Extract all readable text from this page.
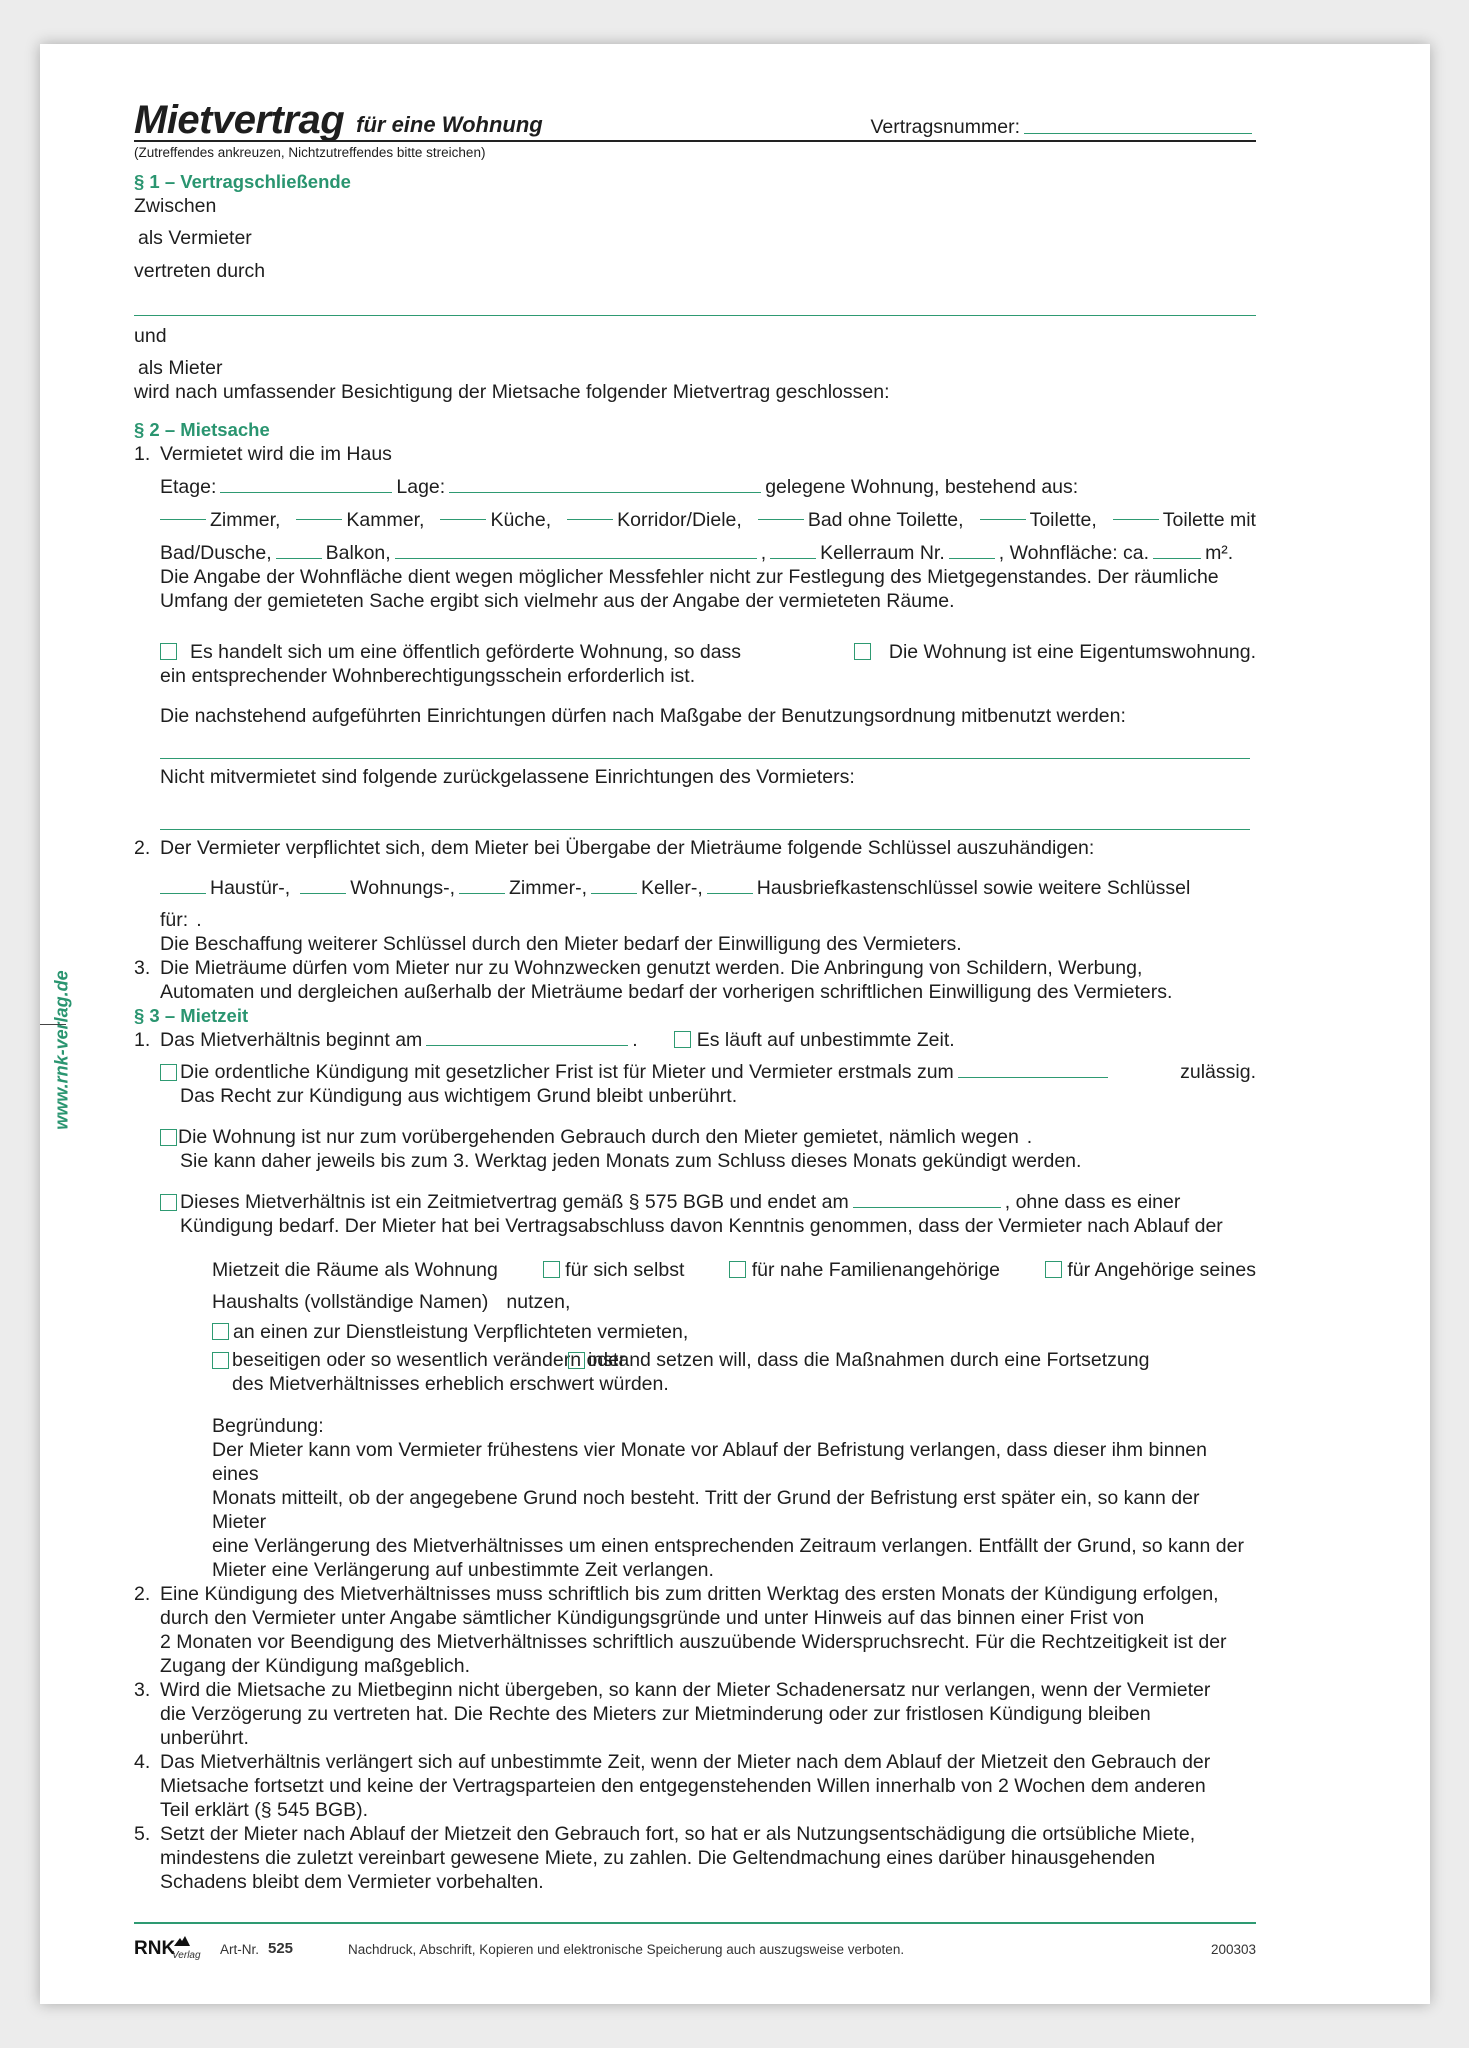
www.rnk-verlag.de
Mietvertrag für eine Wohnung	Vertragsnummer:
(Zutreffendes ankreuzen, Nichtzutreffendes bitte streichen)
§ 1 – Vertragschließende
Zwischen
als Vermieter
vertreten durch
und
als Mieter
wird nach umfassender Besichtigung der Mietsache folgender Mietvertrag geschlossen:
§ 2 – Mietsache
1. Vermietet wird die im Haus
Etage:	Lage:	gelegene Wohnung, bestehend aus:
Zimmer,	Kammer,	Küche,	Korridor/Diele,	Bad ohne Toilette,	Toilette,	Toilette mit
Bad/Dusche,	Balkon,	,	Kellerraum Nr.	, Wohnfläche: ca.	m².
Die Angabe der Wohnfläche dient wegen möglicher Messfehler nicht zur Festlegung des Mietgegenstandes. Der räumliche Umfang der gemieteten Sache ergibt sich vielmehr aus der Angabe der vermieteten Räume.
Es handelt sich um eine öffentlich geförderte Wohnung, so dass
ein entsprechender Wohnberechtigungsschein erforderlich ist.
Die Wohnung ist eine Eigentumswohnung.
Die nachstehend aufgeführten Einrichtungen dürfen nach Maßgabe der Benutzungsordnung mitbenutzt werden:
Nicht mitvermietet sind folgende zurückgelassene Einrichtungen des Vormieters:
2. Der Vermieter verpflichtet sich, dem Mieter bei Übergabe der Mieträume folgende Schlüssel auszuhändigen:
Haustür-,	Wohnungs-,	Zimmer-,	Keller-,	Hausbriefkastenschlüssel sowie weitere Schlüssel
für: .
Die Beschaffung weiterer Schlüssel durch den Mieter bedarf der Einwilligung des Vermieters.
3. Die Mieträume dürfen vom Mieter nur zu Wohnzwecken genutzt werden. Die Anbringung von Schildern, Werbung,
Automaten und dergleichen außerhalb der Mieträume bedarf der vorherigen schriftlichen Einwilligung des Vermieters.
§ 3 – Mietzeit
1. Das Mietverhältnis beginnt am	.	Es läuft auf unbestimmte Zeit.
Die ordentliche Kündigung mit gesetzlicher Frist ist für Mieter und Vermieter erstmals zum	zulässig.
Das Recht zur Kündigung aus wichtigem Grund bleibt unberührt.
Die Wohnung ist nur zum vorübergehenden Gebrauch durch den Mieter gemietet, nämlich wegen .
Sie kann daher jeweils bis zum 3. Werktag jeden Monats zum Schluss dieses Monats gekündigt werden.
Dieses Mietverhältnis ist ein Zeitmietvertrag gemäß § 575 BGB und endet am	, ohne dass es einer
Kündigung bedarf. Der Mieter hat bei Vertragsabschluss davon Kenntnis genommen, dass der Vermieter nach Ablauf der
Mietzeit die Räume als Wohnung	für sich selbst	für nahe Familienangehörige	für Angehörige seines
Haushalts (vollständige Namen) nutzen,
an einen zur Dienstleistung Verpflichteten vermieten,
beseitigen oder so wesentlich verändern oder
instand setzen will, dass die Maßnahmen durch eine Fortsetzung
des Mietverhältnisses erheblich erschwert würden.
Begründung:
Der Mieter kann vom Vermieter frühestens vier Monate vor Ablauf der Befristung verlangen, dass dieser ihm binnen eines
Monats mitteilt, ob der angegebene Grund noch besteht. Tritt der Grund der Befristung erst später ein, so kann der Mieter
eine Verlängerung des Mietverhältnisses um einen entsprechenden Zeitraum verlangen. Entfällt der Grund, so kann der
Mieter eine Verlängerung auf unbestimmte Zeit verlangen.
2. Eine Kündigung des Mietverhältnisses muss schriftlich bis zum dritten Werktag des ersten Monats der Kündigung erfolgen,
durch den Vermieter unter Angabe sämtlicher Kündigungsgründe und unter Hinweis auf das binnen einer Frist von
2 Monaten vor Beendigung des Mietverhältnisses schriftlich auszuübende Widerspruchsrecht. Für die Rechtzeitigkeit ist der
Zugang der Kündigung maßgeblich.
3. Wird die Mietsache zu Mietbeginn nicht übergeben, so kann der Mieter Schadenersatz nur verlangen, wenn der Vermieter
die Verzögerung zu vertreten hat. Die Rechte des Mieters zur Mietminderung oder zur fristlosen Kündigung bleiben
unberührt.
4. Das Mietverhältnis verlängert sich auf unbestimmte Zeit, wenn der Mieter nach dem Ablauf der Mietzeit den Gebrauch der
Mietsache fortsetzt und keine der Vertragsparteien den entgegenstehenden Willen innerhalb von 2 Wochen dem anderen
Teil erklärt (§ 545 BGB).
5. Setzt der Mieter nach Ablauf der Mietzeit den Gebrauch fort, so hat er als Nutzungsentschädigung die ortsübliche Miete,
mindestens die zuletzt vereinbart gewesene Miete, zu zahlen. Die Geltendmachung eines darüber hinausgehenden
Schadens bleibt dem Vermieter vorbehalten.
RNK
Verlag Art-Nr. 525	Nachdruck, Abschrift, Kopieren und elektronische Speicherung auch auszugsweise verboten.	200303
